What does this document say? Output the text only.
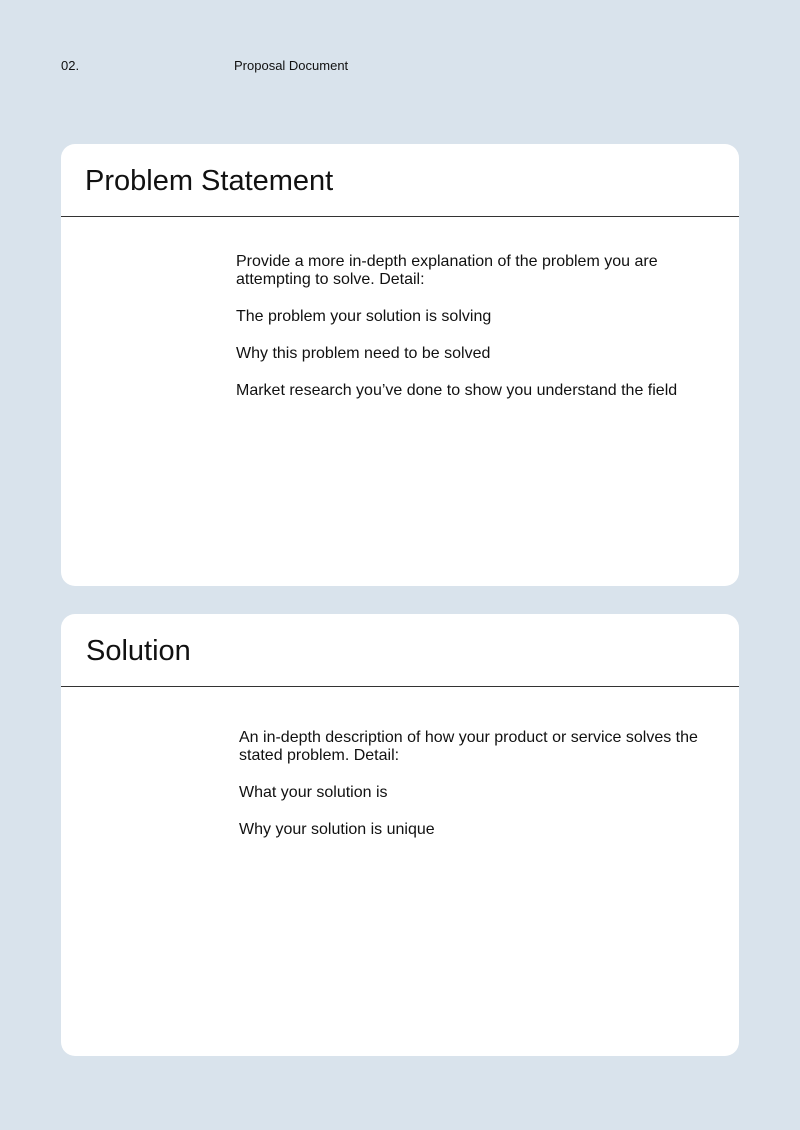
02.	Proposal Document
Problem Statement

Provide a more in-depth explanation of the problem you are attempting to solve. Detail:

The problem your solution is solving

Why this problem need to be solved

Market research you’ve done to show you understand the field

Solution

An in-depth description of how your product or service solves the stated problem. Detail:

What your solution is

Why your solution is unique
